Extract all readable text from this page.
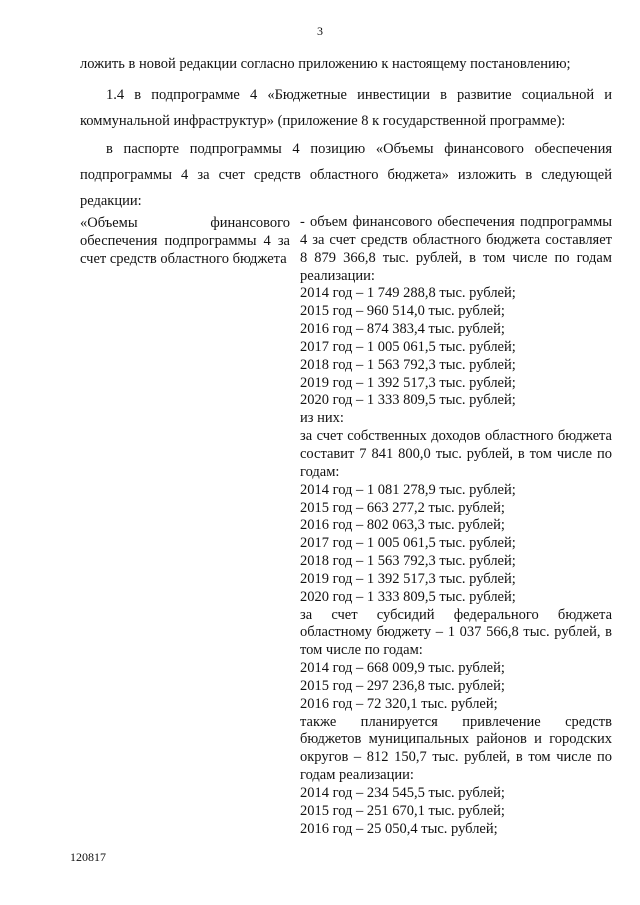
3
ложить в новой редакции согласно приложению к настоящему постановлению;
1.4 в подпрограмме 4 «Бюджетные инвестиции в развитие социальной и коммунальной инфраструктур» (приложение 8 к государственной программе):
в паспорте подпрограммы 4 позицию «Объемы финансового обеспечения подпрограммы 4 за счет средств областного бюджета» изложить в следующей редакции:
«Объемы финансового обеспечения подпрограммы 4 за счет средств областного бюджета
- объем финансового обеспечения подпрограммы 4 за счет средств областного бюджета составляет 8 879 366,8 тыс. рублей, в том числе по годам реализации:
2014 год – 1 749 288,8 тыс. рублей;
2015 год – 960 514,0 тыс. рублей;
2016 год – 874 383,4 тыс. рублей;
2017 год – 1 005 061,5 тыс. рублей;
2018 год – 1 563 792,3 тыс. рублей;
2019 год – 1 392 517,3 тыс. рублей;
2020 год – 1 333 809,5 тыс. рублей;
из них:
за счет собственных доходов областного бюджета составит 7 841 800,0 тыс. рублей, в том числе по годам:
2014 год – 1 081 278,9 тыс. рублей;
2015 год – 663 277,2 тыс. рублей;
2016 год – 802 063,3 тыс. рублей;
2017 год – 1 005 061,5 тыс. рублей;
2018 год – 1 563 792,3 тыс. рублей;
2019 год – 1 392 517,3 тыс. рублей;
2020 год – 1 333 809,5 тыс. рублей;
за счет субсидий федерального бюджета областному бюджету – 1 037 566,8 тыс. рублей, в том числе по годам:
2014 год – 668 009,9 тыс. рублей;
2015 год – 297 236,8 тыс. рублей;
2016 год – 72 320,1 тыс. рублей;
также планируется привлечение средств бюджетов муниципальных районов и городских округов – 812 150,7 тыс. рублей, в том числе по годам реализации:
2014 год – 234 545,5 тыс. рублей;
2015 год – 251 670,1 тыс. рублей;
2016 год – 25 050,4 тыс. рублей;
120817
